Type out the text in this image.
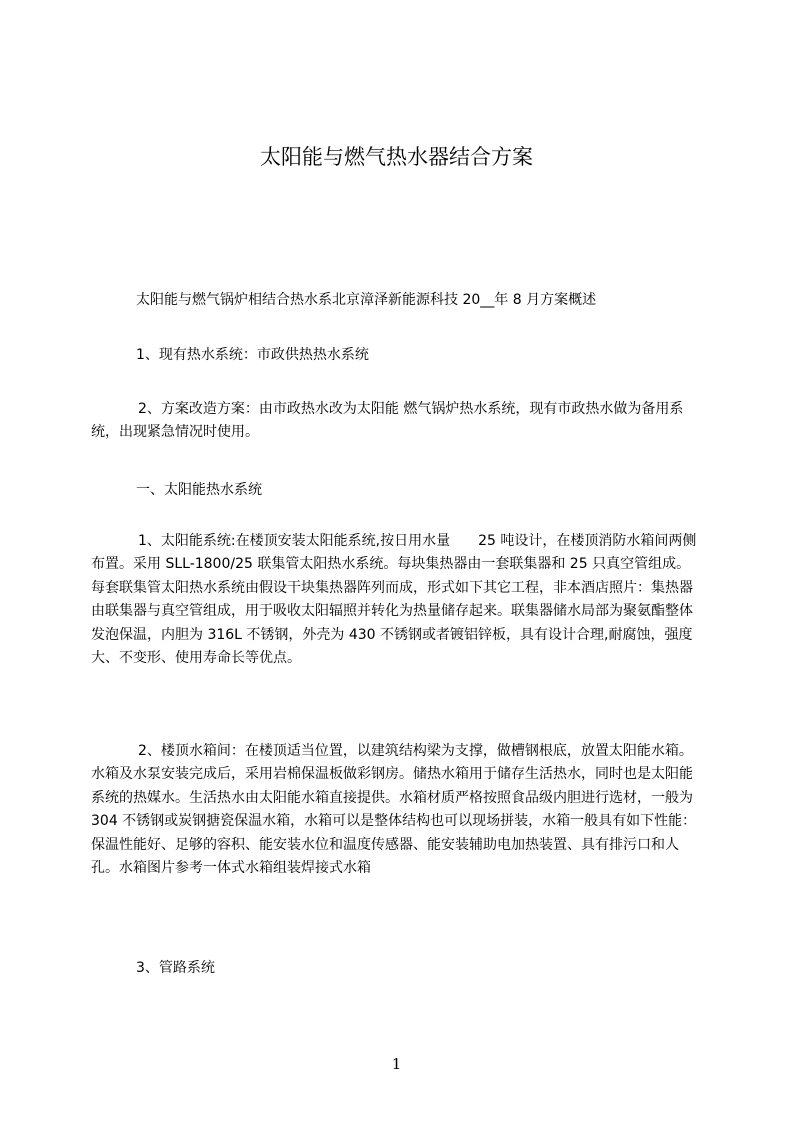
太阳能与燃气热水器结合方案
太阳能与燃气锅炉相结合热水系北京漳泽新能源科技 20__年 8 月方案概述
1、现有热水系统：市政供热热水系统
2、方案改造方案：由市政热水改为太阳能 燃气锅炉热水系统，现有市政热水做为备用系统，出现紧急情况时使用。
一、太阳能热水系统
1、太阳能系统:在楼顶安装太阳能系统,按日用水量　　25 吨设计，在楼顶消防水箱间两侧布置。采用 SLL-1800/25 联集管太阳热水系统。每块集热器由一套联集器和 25 只真空管组成。每套联集管太阳热水系统由假设干块集热器阵列而成，形式如下其它工程，非本酒店照片：集热器由联集器与真空管组成，用于吸收太阳辐照并转化为热量储存起来。联集器储水局部为聚氨酯整体发泡保温，内胆为 316L 不锈钢，外壳为 430 不锈钢或者镀铝锌板，具有设计合理,耐腐蚀，强度大、不变形、使用寿命长等优点。
2、楼顶水箱间：在楼顶适当位置，以建筑结构梁为支撑，做槽钢根底，放置太阳能水箱。水箱及水泵安装完成后，采用岩棉保温板做彩钢房。储热水箱用于储存生活热水，同时也是太阳能系统的热媒水。生活热水由太阳能水箱直接提供。水箱材质严格按照食品级内胆进行选材，一般为 304 不锈钢或炭钢搪瓷保温水箱，水箱可以是整体结构也可以现场拼装，水箱一般具有如下性能：保温性能好、足够的容积、能安装水位和温度传感器、能安装辅助电加热装置、具有排污口和人孔。水箱图片参考一体式水箱组装焊接式水箱
3、管路系统
1
